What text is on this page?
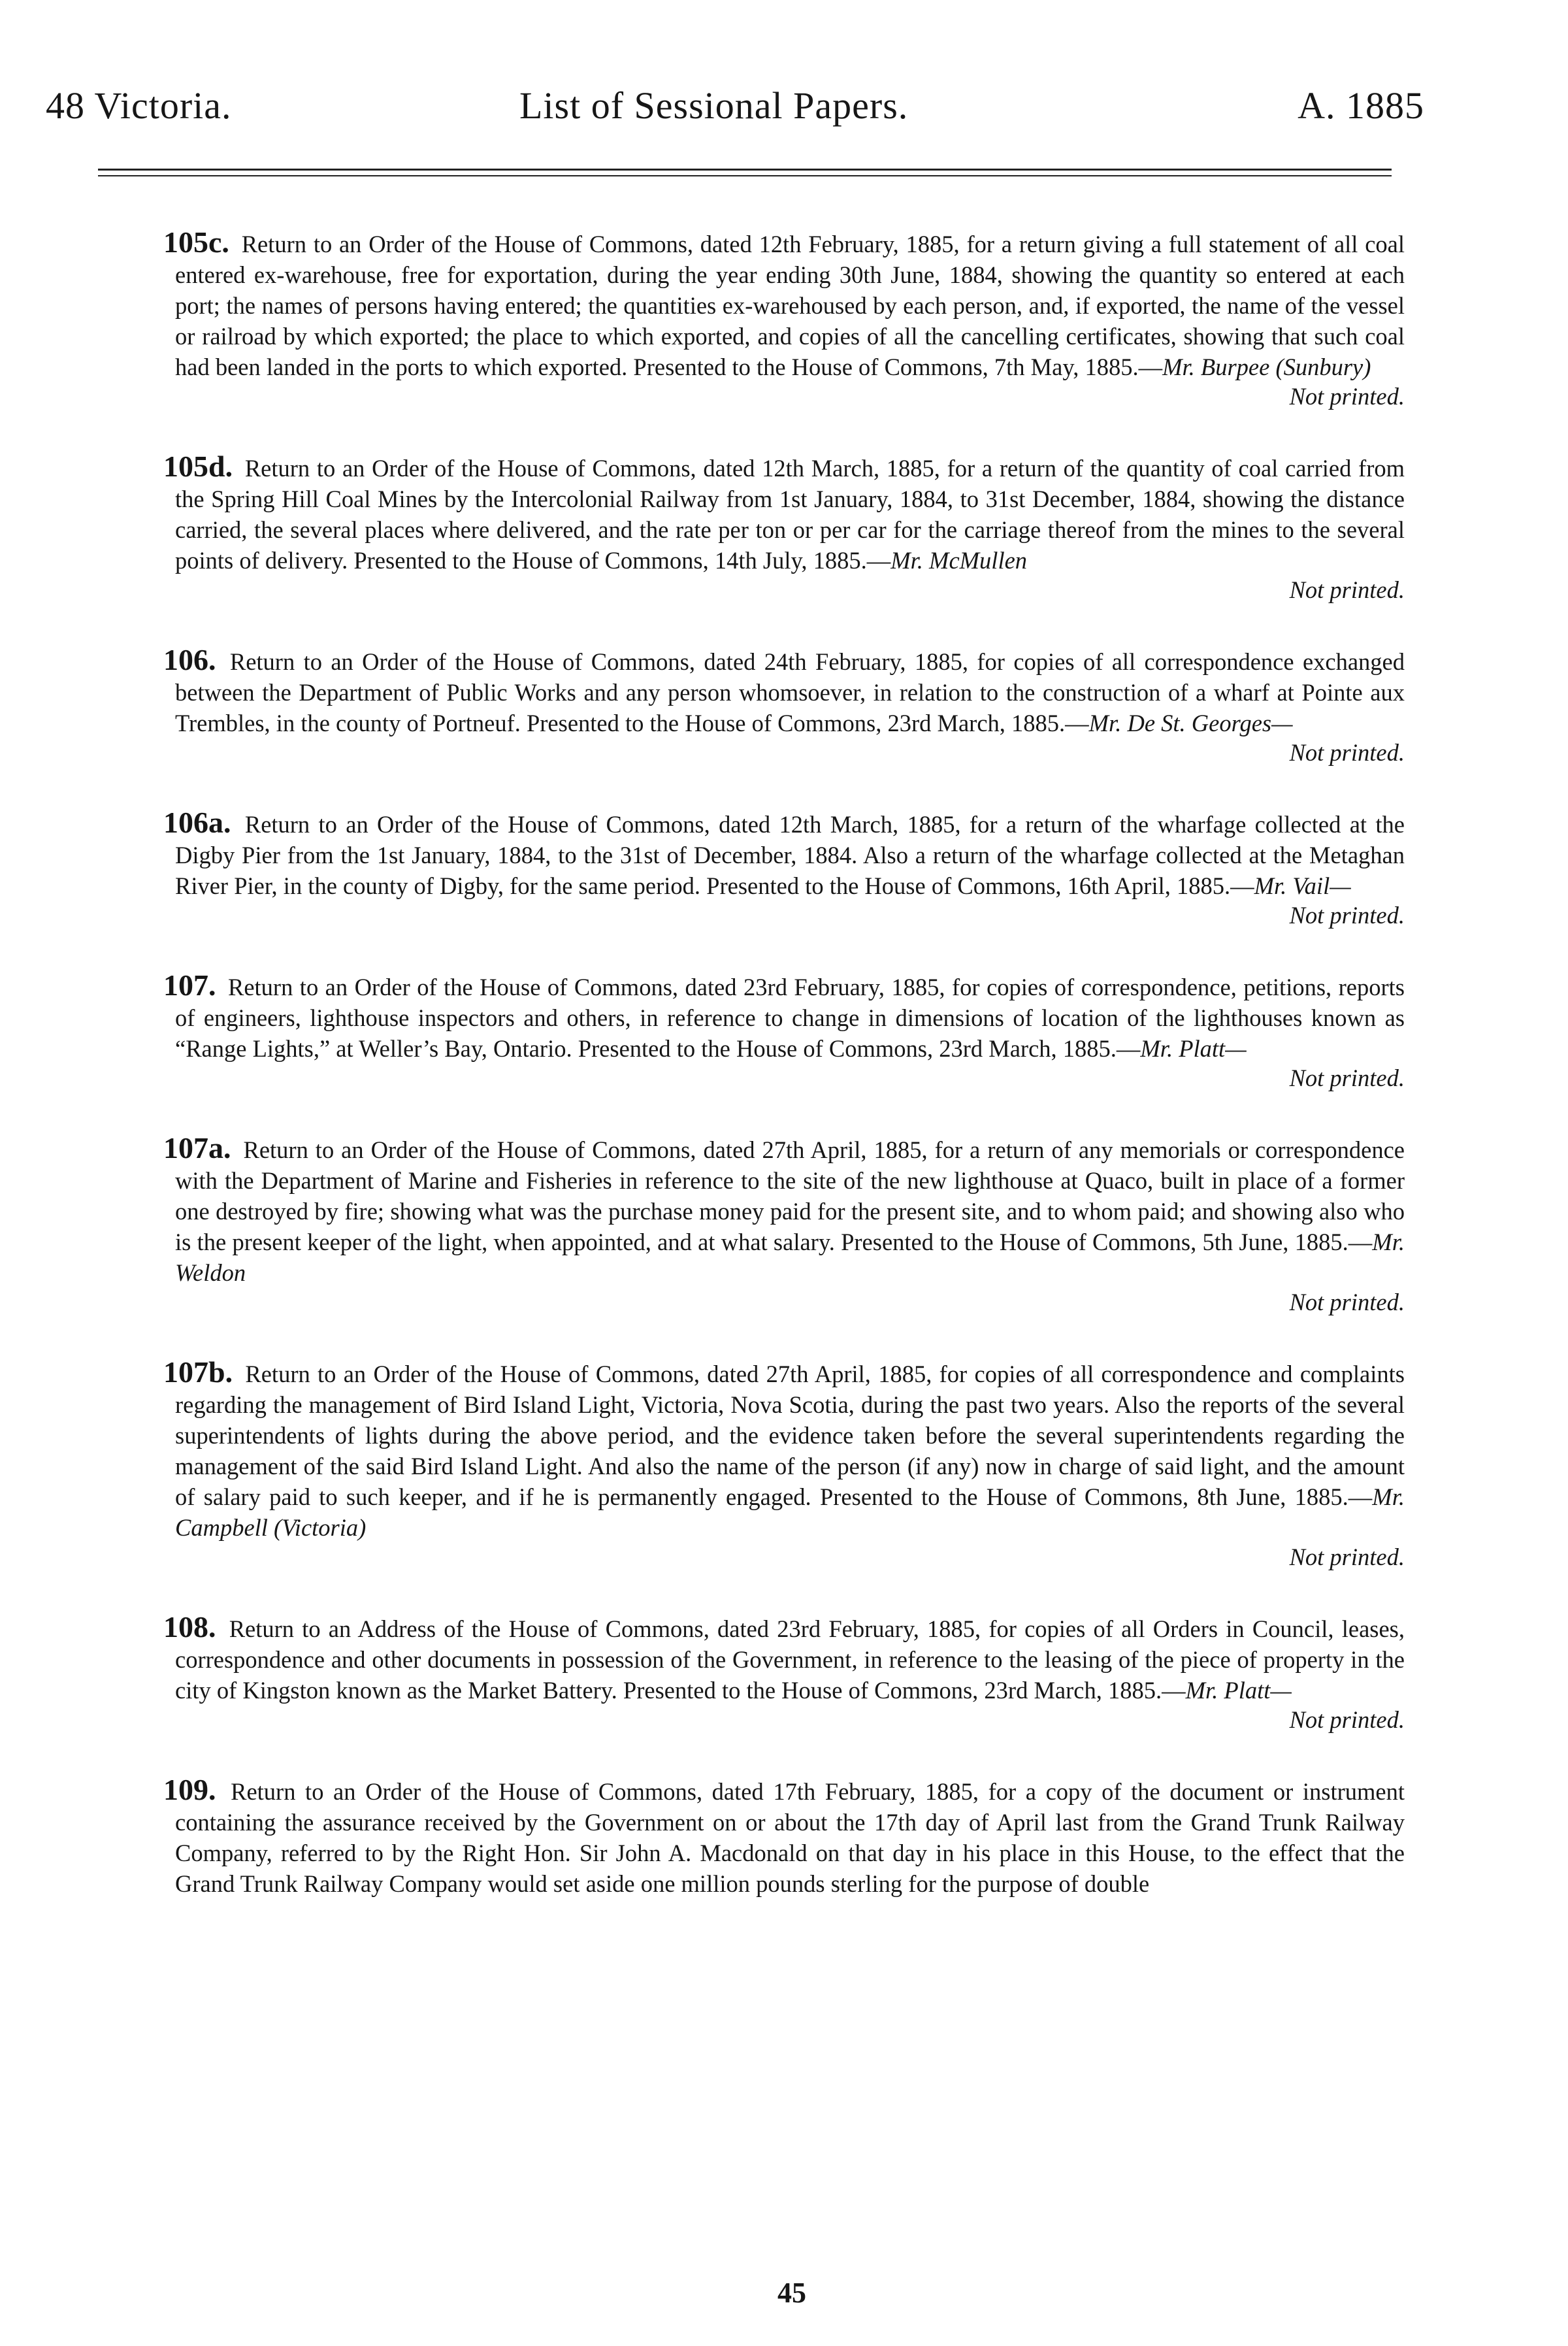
48 Victoria.	List of Sessional Papers.	A. 1885

105c. Return to an Order of the House of Commons, dated 12th February, 1885, for a return giving a full statement of all coal entered ex-warehouse, free for exportation, during the year ending 30th June, 1884, showing the quantity so entered at each port; the names of persons having entered; the quantities ex-warehoused by each person, and, if exported, the name of the vessel or railroad by which exported; the place to which exported, and copies of all the cancelling certificates, showing that such coal had been landed in the ports to which exported. Presented to the House of Commons, 7th May, 1885.—Mr. Burpee (Sunbury)
Not printed.

105d. Return to an Order of the House of Commons, dated 12th March, 1885, for a return of the quantity of coal carried from the Spring Hill Coal Mines by the Intercolonial Railway from 1st January, 1884, to 31st December, 1884, showing the distance carried, the several places where delivered, and the rate per ton or per car for the carriage thereof from the mines to the several points of delivery. Presented to the House of Commons, 14th July, 1885.—Mr. McMullen
Not printed.

106. Return to an Order of the House of Commons, dated 24th February, 1885, for copies of all correspondence exchanged between the Department of Public Works and any person whomsoever, in relation to the construction of a wharf at Pointe aux Trembles, in the county of Portneuf. Presented to the House of Commons, 23rd March, 1885.—Mr. De St. Georges—
Not printed.

106a. Return to an Order of the House of Commons, dated 12th March, 1885, for a return of the wharfage collected at the Digby Pier from the 1st January, 1884, to the 31st of December, 1884. Also a return of the wharfage collected at the Metaghan River Pier, in the county of Digby, for the same period. Presented to the House of Commons, 16th April, 1885.—Mr. Vail—
Not printed.

107. Return to an Order of the House of Commons, dated 23rd February, 1885, for copies of correspondence, petitions, reports of engineers, lighthouse inspectors and others, in reference to change in dimensions of location of the lighthouses known as “Range Lights,” at Weller’s Bay, Ontario. Presented to the House of Commons, 23rd March, 1885.—Mr. Platt—
Not printed.

107a. Return to an Order of the House of Commons, dated 27th April, 1885, for a return of any memorials or correspondence with the Department of Marine and Fisheries in reference to the site of the new lighthouse at Quaco, built in place of a former one destroyed by fire; showing what was the purchase money paid for the present site, and to whom paid; and showing also who is the present keeper of the light, when appointed, and at what salary. Presented to the House of Commons, 5th June, 1885.—Mr. Weldon
Not printed.

107b. Return to an Order of the House of Commons, dated 27th April, 1885, for copies of all correspondence and complaints regarding the management of Bird Island Light, Victoria, Nova Scotia, during the past two years. Also the reports of the several superintendents of lights during the above period, and the evidence taken before the several superintendents regarding the management of the said Bird Island Light. And also the name of the person (if any) now in charge of said light, and the amount of salary paid to such keeper, and if he is permanently engaged. Presented to the House of Commons, 8th June, 1885.—Mr. Campbell (Victoria)
Not printed.

108. Return to an Address of the House of Commons, dated 23rd February, 1885, for copies of all Orders in Council, leases, correspondence and other documents in possession of the Government, in reference to the leasing of the piece of property in the city of Kingston known as the Market Battery. Presented to the House of Commons, 23rd March, 1885.—Mr. Platt—
Not printed.

109. Return to an Order of the House of Commons, dated 17th February, 1885, for a copy of the document or instrument containing the assurance received by the Government on or about the 17th day of April last from the Grand Trunk Railway Company, referred to by the Right Hon. Sir John A. Macdonald on that day in his place in this House, to the effect that the Grand Trunk Railway Company would set aside one million pounds sterling for the purpose of double

45
